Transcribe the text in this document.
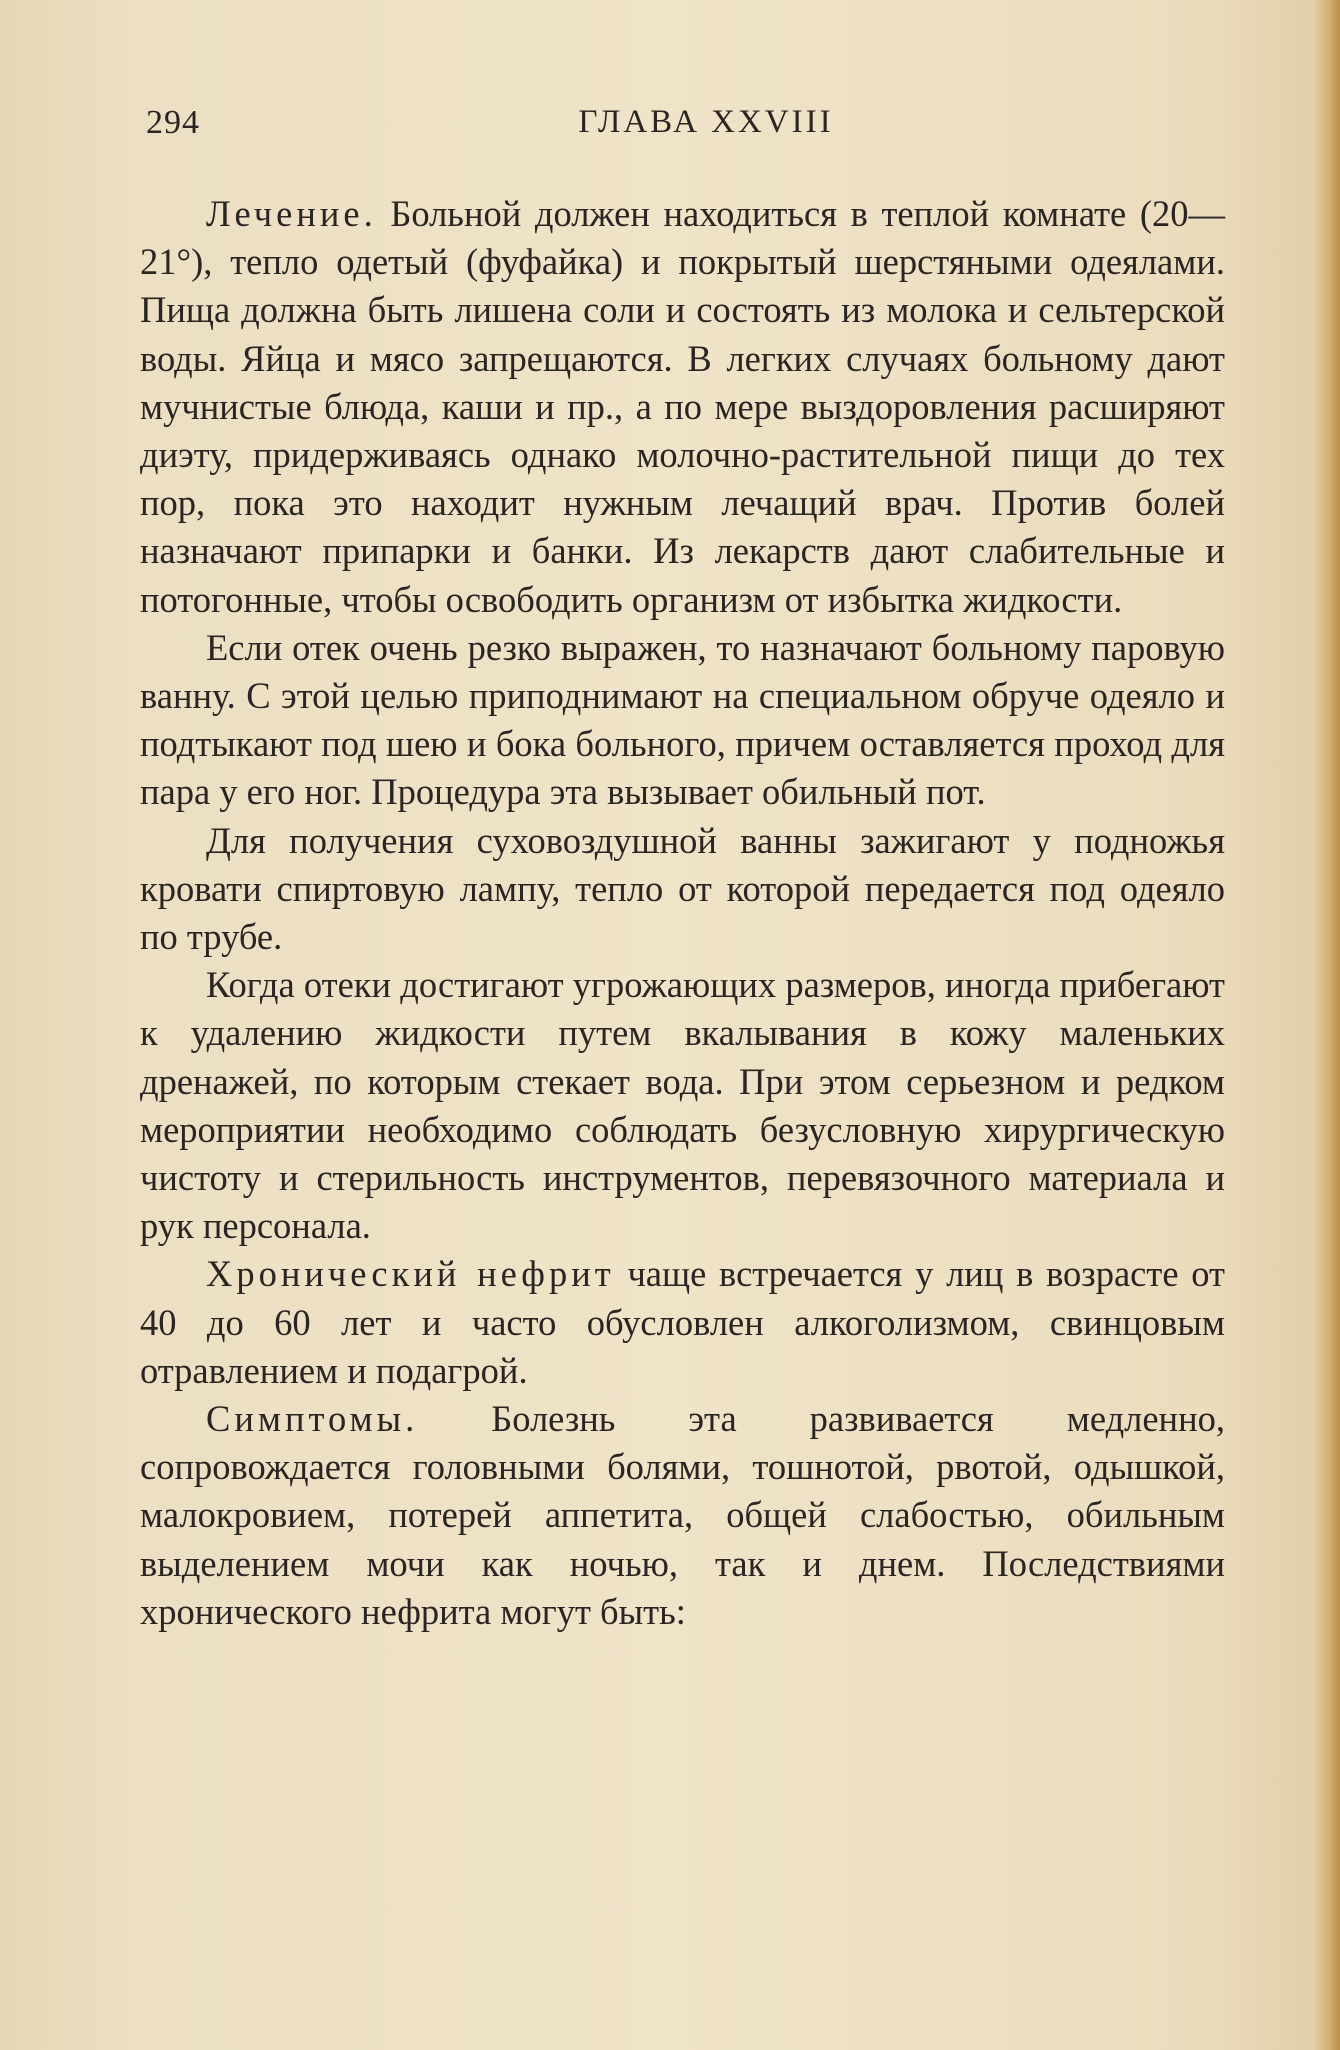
294	ГЛАВА XXVIII

Лечение. Больной должен находиться в теплой комнате (20—21°), тепло одетый (фуфайка) и покрытый шерстяными одеялами. Пища должна быть лишена соли и состоять из молока и сельтерской воды. Яйца и мясо запрещаются. В легких случаях больному дают мучнистые блюда, каши и пр., а по мере выздоровления расширяют диэту, придерживаясь однако молочно-растительной пищи до тех пор, пока это находит нужным лечащий врач. Против болей назначают припарки и банки. Из лекарств дают слабительные и потогонные, чтобы освободить организм от избытка жидкости.

Если отек очень резко выражен, то назначают больному паровую ванну. С этой целью приподнимают на специальном обруче одеяло и подтыкают под шею и бока больного, причем оставляется проход для пара у его ног. Процедура эта вызывает обильный пот.

Для получения суховоздушной ванны зажигают у подножья кровати спиртовую лампу, тепло от которой передается под одеяло по трубе.

Когда отеки достигают угрожающих размеров, иногда прибегают к удалению жидкости путем вкалывания в кожу маленьких дренажей, по которым стекает вода. При этом серьезном и редком мероприятии необходимо соблюдать безусловную хирургическую чистоту и стерильность инструментов, перевязочного материала и рук персонала.

Хронический нефрит чаще встречается у лиц в возрасте от 40 до 60 лет и часто обусловлен алкоголизмом, свинцовым отравлением и подагрой.

Симптомы. Болезнь эта развивается медленно, сопровождается головными болями, тошнотой, рвотой, одышкой, малокровием, потерей аппетита, общей слабостью, обильным выделением мочи как ночью, так и днем. Последствиями хронического нефрита могут быть:
